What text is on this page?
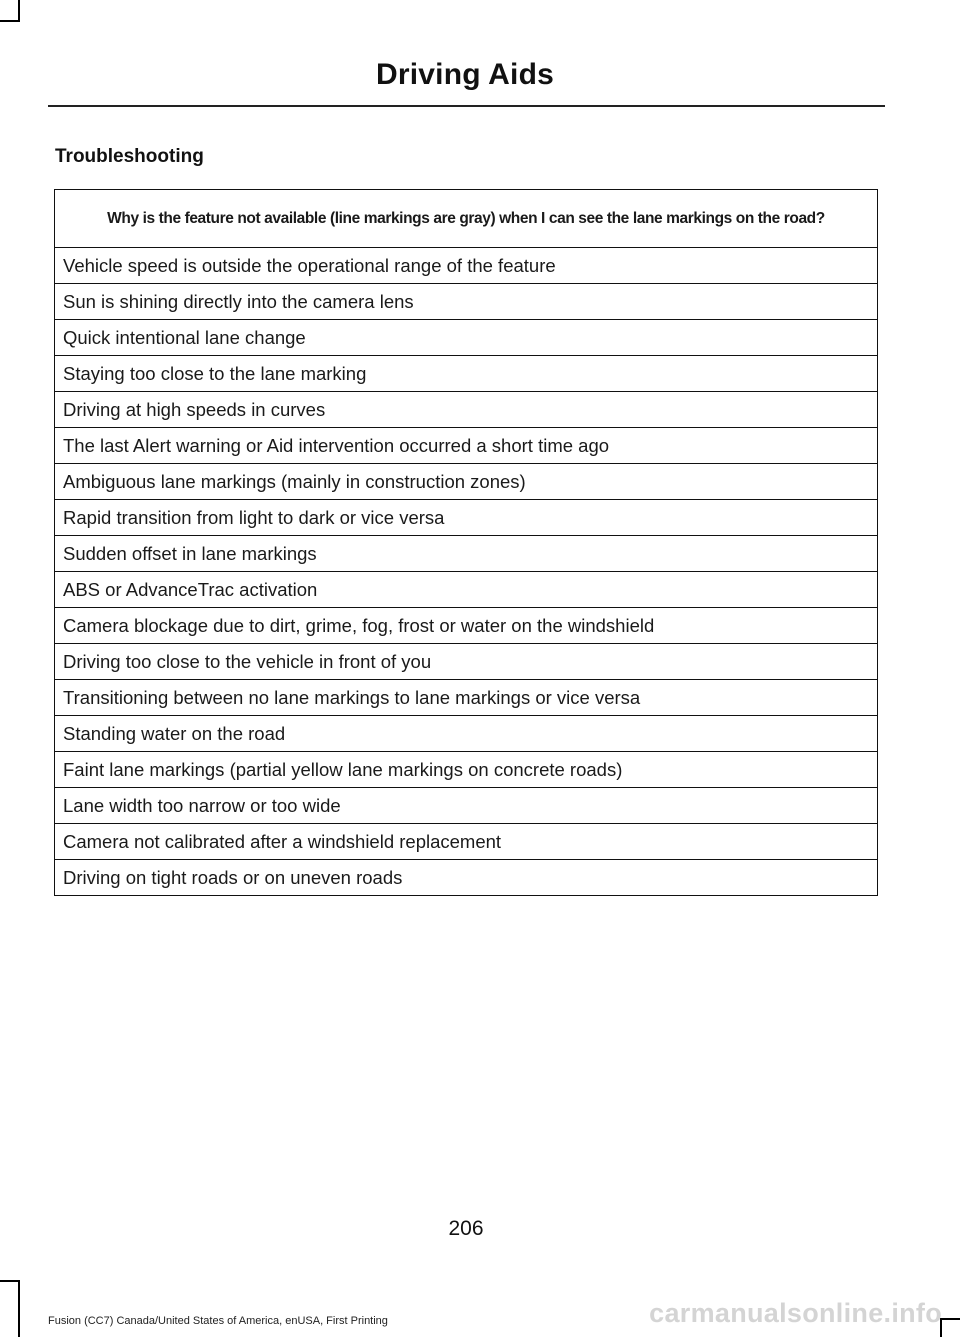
Driving Aids
Troubleshooting
Why is the feature not available (line markings are gray) when I can see the lane markings on the road?
Vehicle speed is outside the operational range of the feature
Sun is shining directly into the camera lens
Quick intentional lane change
Staying too close to the lane marking
Driving at high speeds in curves
The last Alert warning or Aid intervention occurred a short time ago
Ambiguous lane markings (mainly in construction zones)
Rapid transition from light to dark or vice versa
Sudden offset in lane markings
ABS or AdvanceTrac activation
Camera blockage due to dirt, grime, fog, frost or water on the windshield
Driving too close to the vehicle in front of you
Transitioning between no lane markings to lane markings or vice versa
Standing water on the road
Faint lane markings (partial yellow lane markings on concrete roads)
Lane width too narrow or too wide
Camera not calibrated after a windshield replacement
Driving on tight roads or on uneven roads
206
Fusion (CC7) Canada/United States of America, enUSA, First Printing	carmanualsonline.info
